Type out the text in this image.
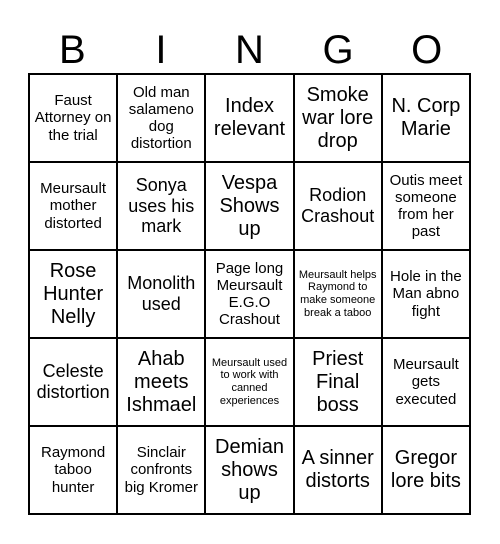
B	I	N	G	O
Faust Attorney on the trial
Old man salameno dog distortion
Index relevant
Smoke war lore drop
N. Corp Marie
Meursault mother distorted
Sonya uses his mark
Vespa Shows up
Rodion Crashout
Outis meet someone from her past
Rose Hunter Nelly
Monolith used
Page long Meursault E.G.O Crashout
Meursault helps Raymond to make someone break a taboo
Hole in the Man abno fight
Celeste distortion
Ahab meets Ishmael
Meursault used to work with canned experiences
Priest Final boss
Meursault gets executed
Raymond taboo hunter
Sinclair confronts big Kromer
Demian shows up
A sinner distorts
Gregor lore bits
